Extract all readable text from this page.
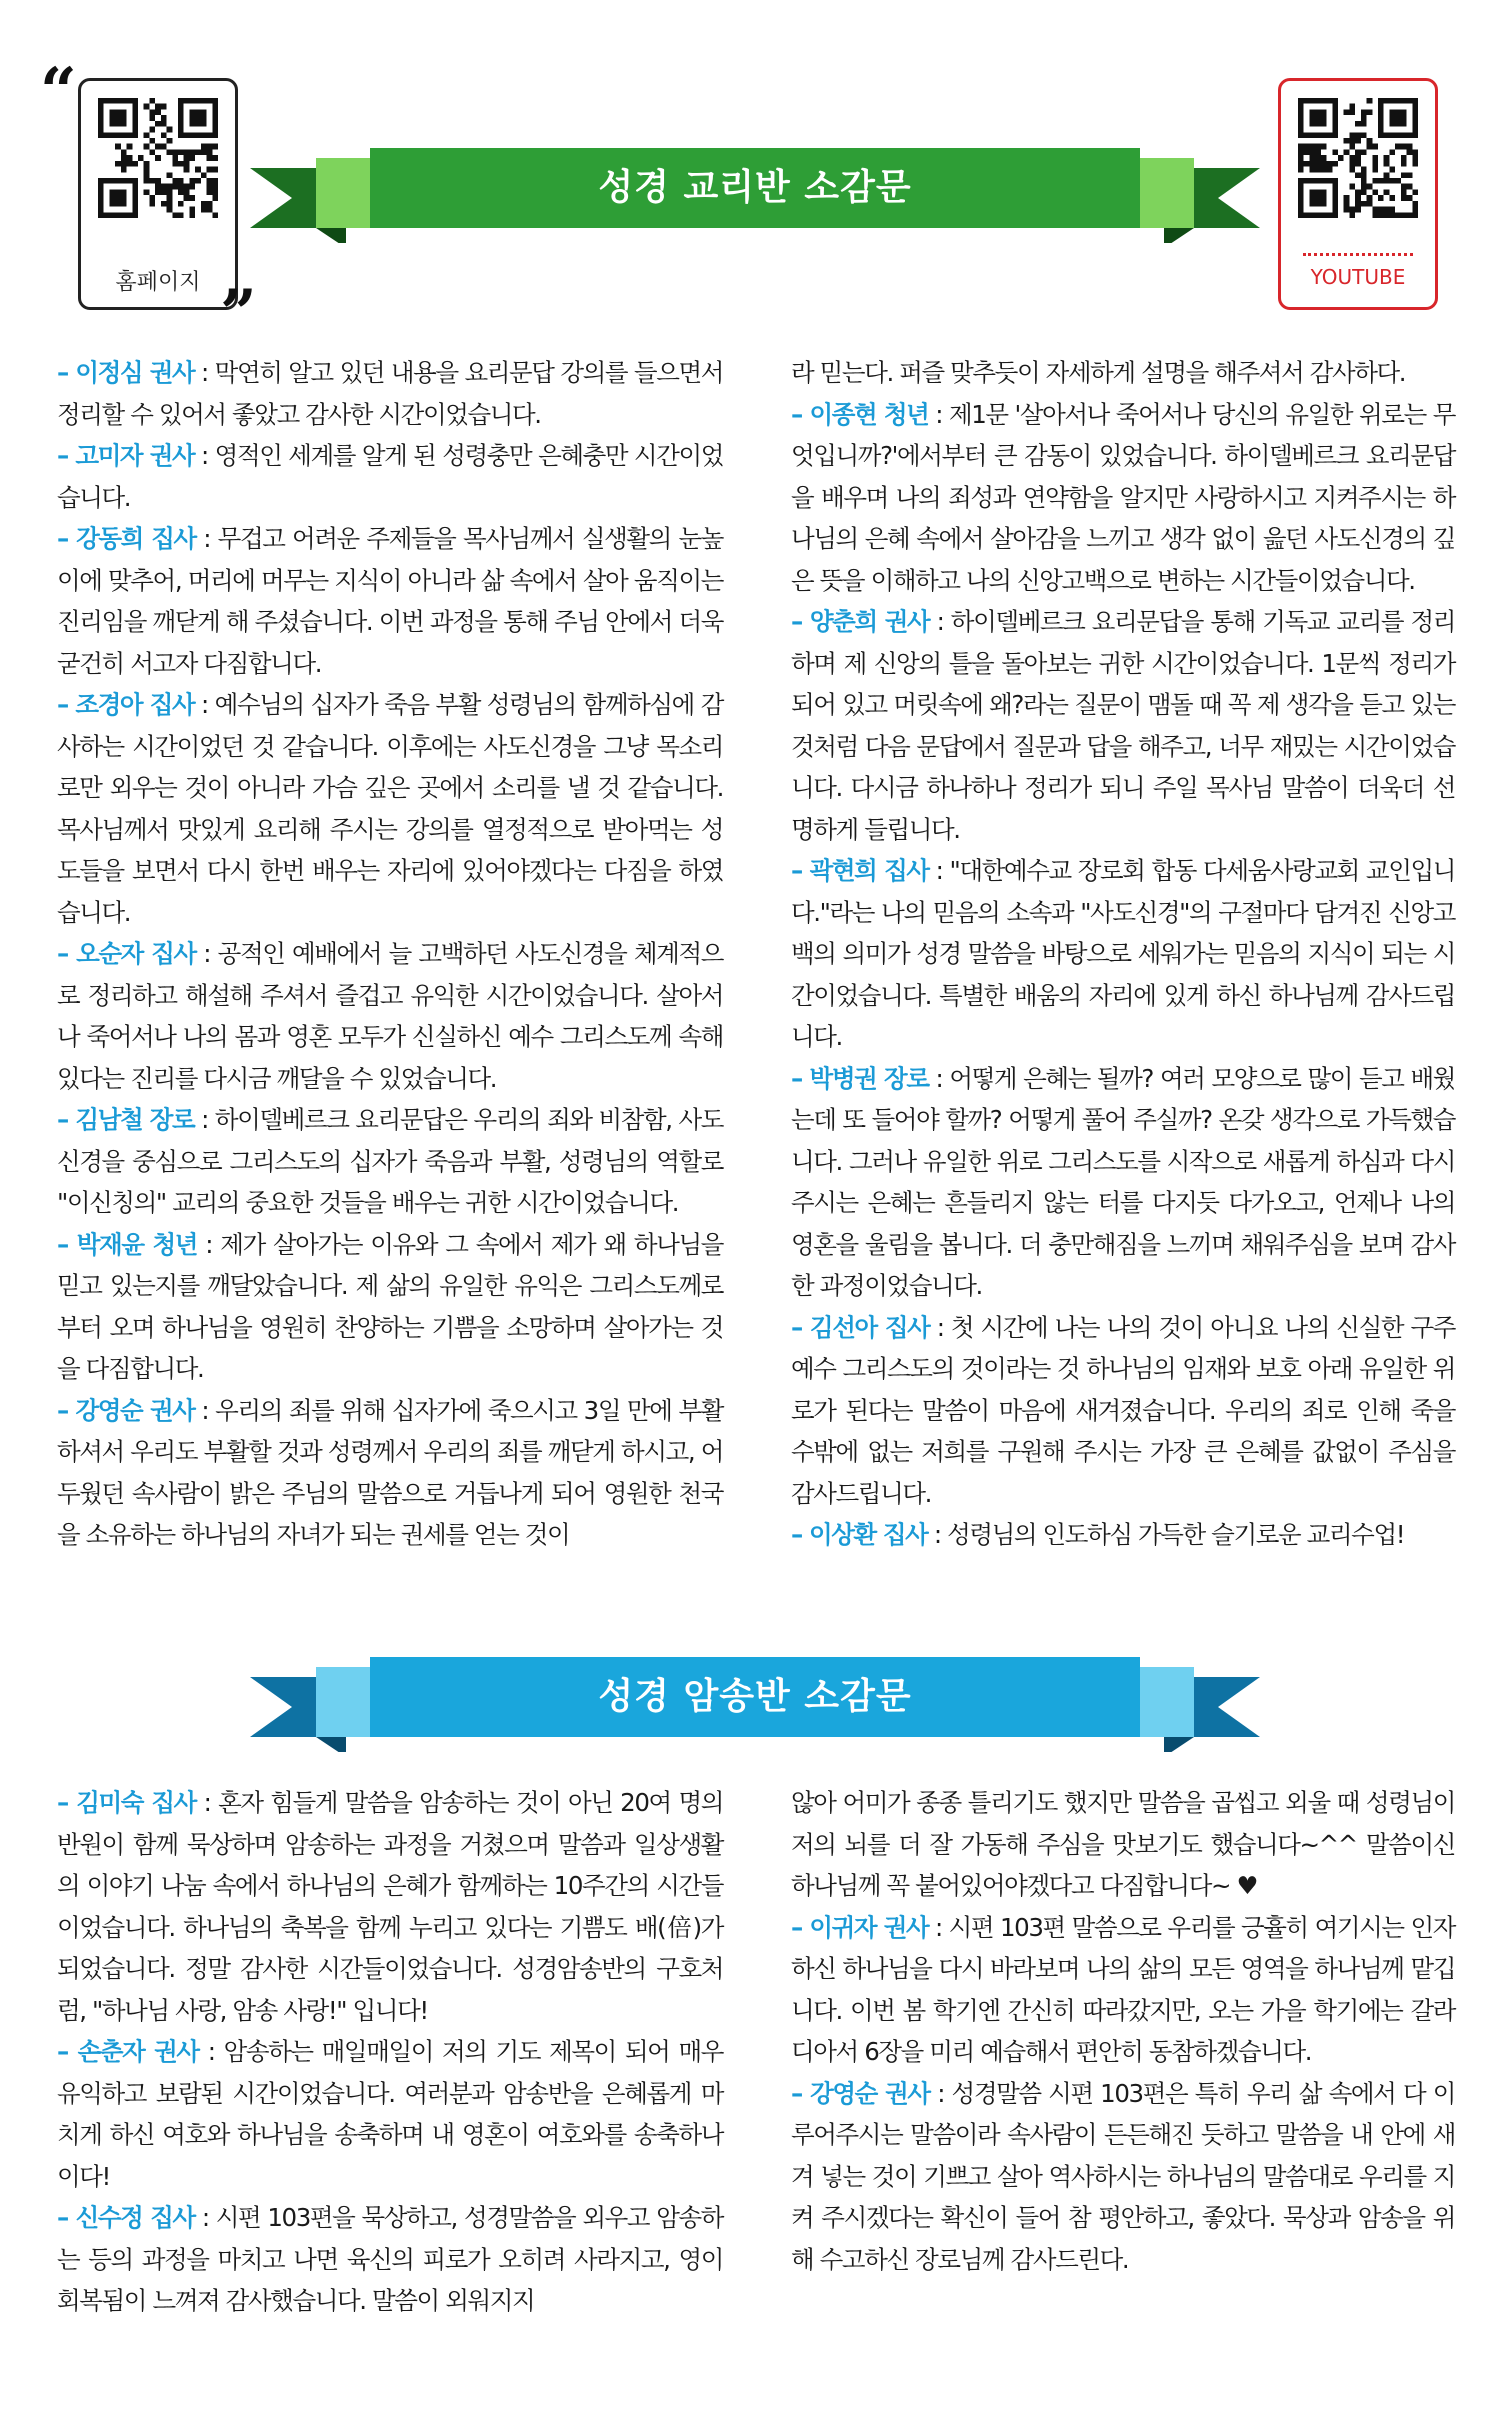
“
홈페이지 ”	YOUTUBE
성경 교리반 소감문

– 이정심 권사 : 막연히 알고 있던 내용을 요리문답 강의를 들으면서 정리할 수 있어서 좋았고 감사한 시간이었습니다.

– 고미자 권사 : 영적인 세계를 알게 된 성령충만 은혜충만 시간이었습니다.

– 강동희 집사 : 무겁고 어려운 주제들을 목사님께서 실생활의 눈높이에 맞추어, 머리에 머무는 지식이 아니라 삶 속에서 살아 움직이는 진리임을 깨닫게 해 주셨습니다. 이번 과정을 통해 주님 안에서 더욱 굳건히 서고자 다짐합니다.

– 조경아 집사 : 예수님의 십자가 죽음 부활 성령님의 함께하심에 감사하는 시간이었던 것 같습니다. 이후에는 사도신경을 그냥 목소리로만 외우는 것이 아니라 가슴 깊은 곳에서 소리를 낼 것 같습니다. 목사님께서 맛있게 요리해 주시는 강의를 열정적으로 받아먹는 성도들을 보면서 다시 한번 배우는 자리에 있어야겠다는 다짐을 하였습니다.

– 오순자 집사 : 공적인 예배에서 늘 고백하던 사도신경을 체계적으로 정리하고 해설해 주셔서 즐겁고 유익한 시간이었습니다. 살아서나 죽어서나 나의 몸과 영혼 모두가 신실하신 예수 그리스도께 속해 있다는 진리를 다시금 깨달을 수 있었습니다.

– 김남철 장로 : 하이델베르크 요리문답은 우리의 죄와 비참함, 사도신경을 중심으로 그리스도의 십자가 죽음과 부활, 성령님의 역할로 "이신칭의" 교리의 중요한 것들을 배우는 귀한 시간이었습니다.

– 박재윤 청년 : 제가 살아가는 이유와 그 속에서 제가 왜 하나님을 믿고 있는지를 깨달았습니다. 제 삶의 유일한 유익은 그리스도께로부터 오며 하나님을 영원히 찬양하는 기쁨을 소망하며 살아가는 것을 다짐합니다.

– 강영순 권사 : 우리의 죄를 위해 십자가에 죽으시고 3일 만에 부활하셔서 우리도 부활할 것과 성령께서 우리의 죄를 깨닫게 하시고, 어두웠던 속사람이 밝은 주님의 말씀으로 거듭나게 되어 영원한 천국을 소유하는 하나님의 자녀가 되는 권세를 얻는 것이

라 믿는다. 퍼즐 맞추듯이 자세하게 설명을 해주셔서 감사하다.

– 이종현 청년 : 제1문 '살아서나 죽어서나 당신의 유일한 위로는 무엇입니까?'에서부터 큰 감동이 있었습니다. 하이델베르크 요리문답을 배우며 나의 죄성과 연약함을 알지만 사랑하시고 지켜주시는 하나님의 은혜 속에서 살아감을 느끼고 생각 없이 읊던 사도신경의 깊은 뜻을 이해하고 나의 신앙고백으로 변하는 시간들이었습니다.

– 양춘희 권사 : 하이델베르크 요리문답을 통해 기독교 교리를 정리하며 제 신앙의 틀을 돌아보는 귀한 시간이었습니다. 1문씩 정리가 되어 있고 머릿속에 왜?라는 질문이 맴돌 때 꼭 제 생각을 듣고 있는 것처럼 다음 문답에서 질문과 답을 해주고, 너무 재밌는 시간이었습니다. 다시금 하나하나 정리가 되니 주일 목사님 말씀이 더욱더 선명하게 들립니다.

– 곽현희 집사 : "대한예수교 장로회 합동 다세움사랑교회 교인입니다."라는 나의 믿음의 소속과 "사도신경"의 구절마다 담겨진 신앙고백의 의미가 성경 말씀을 바탕으로 세워가는 믿음의 지식이 되는 시간이었습니다. 특별한 배움의 자리에 있게 하신 하나님께 감사드립니다.

– 박병권 장로 : 어떻게 은혜는 될까? 여러 모양으로 많이 듣고 배웠는데 또 들어야 할까? 어떻게 풀어 주실까? 온갖 생각으로 가득했습니다. 그러나 유일한 위로 그리스도를 시작으로 새롭게 하심과 다시 주시는 은혜는 흔들리지 않는 터를 다지듯 다가오고, 언제나 나의 영혼을 울림을 봅니다. 더 충만해짐을 느끼며 채워주심을 보며 감사한 과정이었습니다.

– 김선아 집사 : 첫 시간에 나는 나의 것이 아니요 나의 신실한 구주 예수 그리스도의 것이라는 것 하나님의 임재와 보호 아래 유일한 위로가 된다는 말씀이 마음에 새겨졌습니다. 우리의 죄로 인해 죽을 수밖에 없는 저희를 구원해 주시는 가장 큰 은혜를 값없이 주심을 감사드립니다.

– 이상환 집사 : 성령님의 인도하심 가득한 슬기로운 교리수업!

성경 암송반 소감문

– 김미숙 집사 : 혼자 힘들게 말씀을 암송하는 것이 아닌 20여 명의 반원이 함께 묵상하며 암송하는 과정을 거쳤으며 말씀과 일상생활의 이야기 나눔 속에서 하나님의 은혜가 함께하는 10주간의 시간들이었습니다. 하나님의 축복을 함께 누리고 있다는 기쁨도 배(倍)가 되었습니다. 정말 감사한 시간들이었습니다. 성경암송반의 구호처럼, "하나님 사랑, 암송 사랑!" 입니다!

– 손춘자 권사 : 암송하는 매일매일이 저의 기도 제목이 되어 매우 유익하고 보람된 시간이었습니다. 여러분과 암송반을 은혜롭게 마치게 하신 여호와 하나님을 송축하며 내 영혼이 여호와를 송축하나이다!

– 신수정 집사 : 시편 103편을 묵상하고, 성경말씀을 외우고 암송하는 등의 과정을 마치고 나면 육신의 피로가 오히려 사라지고, 영이 회복됨이 느껴져 감사했습니다. 말씀이 외워지지

않아 어미가 종종 틀리기도 했지만 말씀을 곱씹고 외울 때 성령님이 저의 뇌를 더 잘 가동해 주심을 맛보기도 했습니다~^^ 말씀이신 하나님께 꼭 붙어있어야겠다고 다짐합니다~ ♥

– 이귀자 권사 : 시편 103편 말씀으로 우리를 긍휼히 여기시는 인자하신 하나님을 다시 바라보며 나의 삶의 모든 영역을 하나님께 맡깁니다. 이번 봄 학기엔 간신히 따라갔지만, 오는 가을 학기에는 갈라디아서 6장을 미리 예습해서 편안히 동참하겠습니다.

– 강영순 권사 : 성경말씀 시편 103편은 특히 우리 삶 속에서 다 이루어주시는 말씀이라 속사람이 든든해진 듯하고 말씀을 내 안에 새겨 넣는 것이 기쁘고 살아 역사하시는 하나님의 말씀대로 우리를 지켜 주시겠다는 확신이 들어 참 평안하고, 좋았다. 묵상과 암송을 위해 수고하신 장로님께 감사드린다.
